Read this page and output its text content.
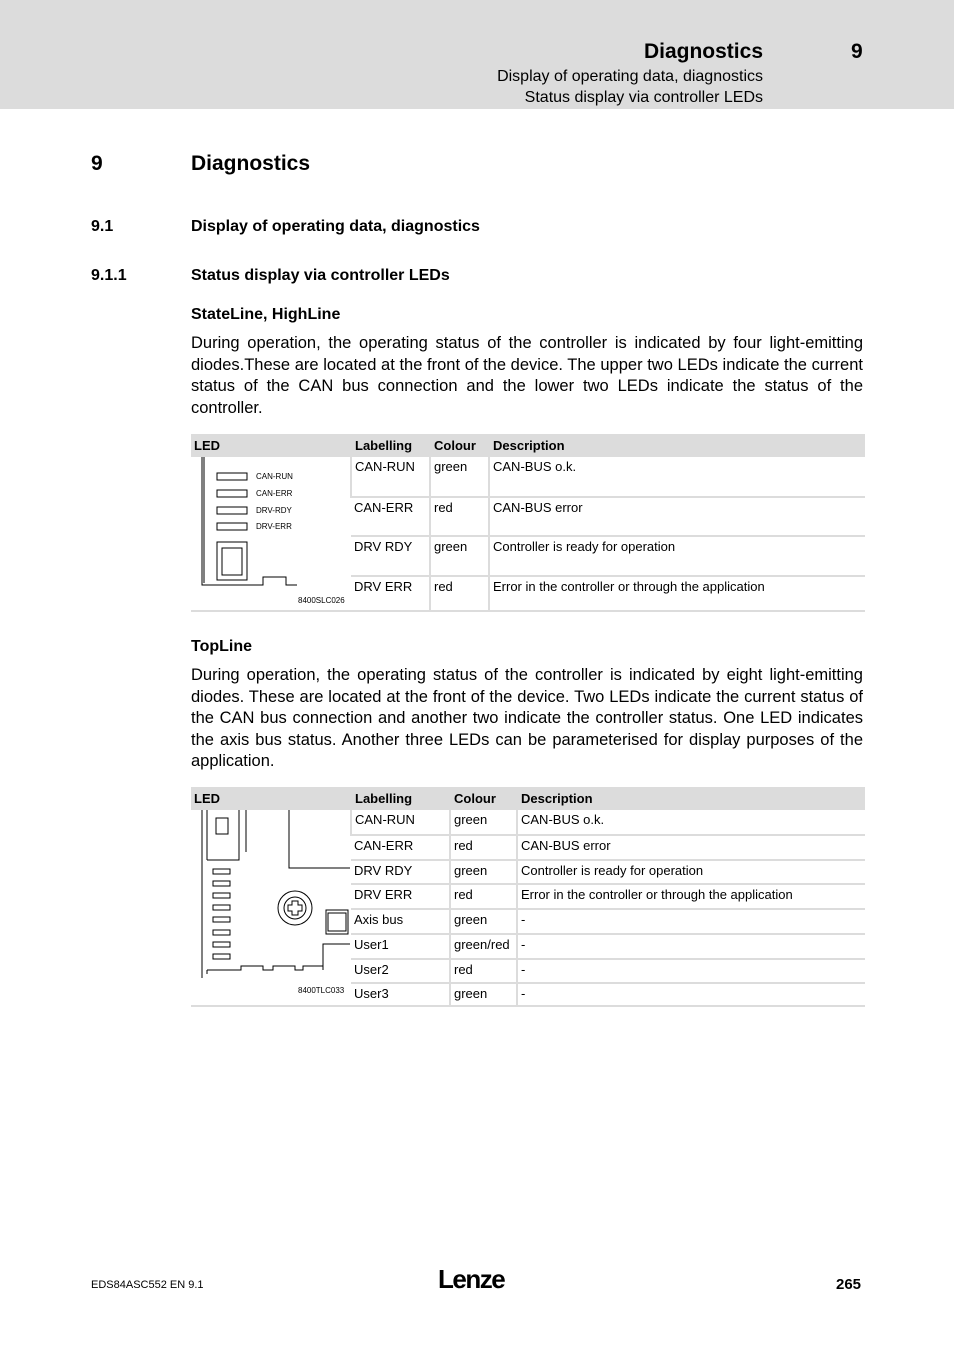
Diagnostics	9
Display of operating data, diagnostics
Status display via controller LEDs
9	Diagnostics
9.1	Display of operating data, diagnostics
9.1.1	Status display via controller LEDs
StateLine, HighLine

During operation, the operating status of the controller is indicated by four light-emitting diodes.These are located at the front of the device. The upper two LEDs indicate the current status of the CAN bus connection and the lower two LEDs indicate the status of the controller.

LED	Labelling	Colour	Description

CAN-RUN
CAN-ERR
DRV-RDY
DRV-ERR
8400SLC026	CAN-RUN	green	CAN-BUS o.k.
	CAN-ERR	red	CAN-BUS error
	DRV RDY	green	Controller is ready for operation
	DRV ERR	red	Error in the controller or through the application
TopLine

During operation, the operating status of the controller is indicated by eight light-emitting diodes. These are located at the front of the device. Two LEDs indicate the current status of the CAN bus connection and another two indicate the controller status. One LED indicates the axis bus status. Another three LEDs can be parameterised for display purposes of the application.

LED	Labelling	Colour	Description

8400TLC033	CAN-RUN	green	CAN-BUS o.k.
	CAN-ERR	red	CAN-BUS error
	DRV RDY	green	Controller is ready for operation
	DRV ERR	red	Error in the controller or through the application
	Axis bus	green	-
	User1	green/red	-
	User2	red	-
	User3	green	-
EDS84ASC552 EN 9.1	Lenze	265
